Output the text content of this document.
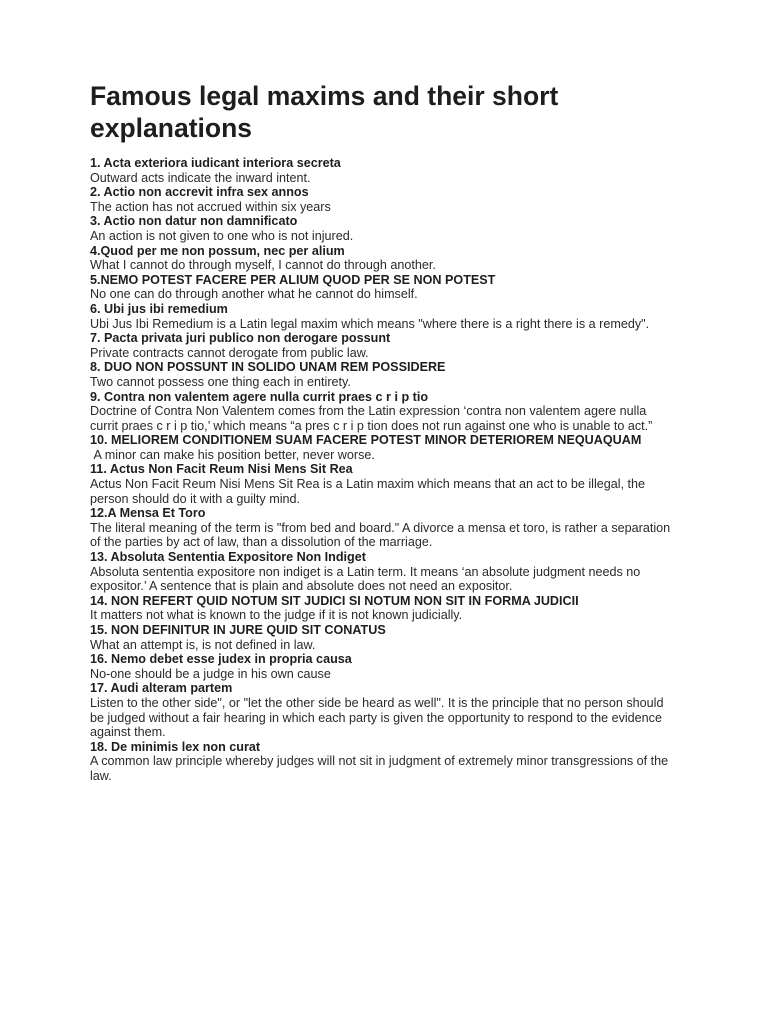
Famous legal maxims and their short explanations
1. Acta exteriora iudicant interiora secreta
Outward acts indicate the inward intent.
2. Actio non accrevit infra sex annos
The action has not accrued within six years
3. Actio non datur non damnificato
An action is not given to one who is not injured.
4.Quod per me non possum, nec per alium
What I cannot do through myself, I cannot do through another.
5.NEMO POTEST FACERE PER ALIUM QUOD PER SE NON POTEST
No one can do through another what he cannot do himself.
6. Ubi jus ibi remedium
Ubi Jus Ibi Remedium is a Latin legal maxim which means "where there is a right there is a remedy".
7. Pacta privata juri publico non derogare possunt
Private contracts cannot derogate from public law.
8. DUO NON POSSUNT IN SOLIDO UNAM REM POSSIDERE
Two cannot possess one thing each in entirety.
9. Contra non valentem agere nulla currit praes c r i p tio
Doctrine of Contra Non Valentem comes from the Latin expression ‘contra non valentem agere nulla currit praes c r i p tio,’ which means “a pres c r i p tion does not run against one who is unable to act.”
10. MELIOREM CONDITIONEM SUAM FACERE POTEST MINOR DETERIOREM NEQUAQUAM
A minor can make his position better, never worse.
11. Actus Non Facit Reum Nisi Mens Sit Rea
Actus Non Facit Reum Nisi Mens Sit Rea is a Latin maxim which means that an act to be illegal, the person should do it with a guilty mind.
12.A Mensa Et Toro
The literal meaning of the term is "from bed and board." A divorce a mensa et toro, is rather a separation of the parties by act of law, than a dissolution of the marriage.
13. Absoluta Sententia Expositore Non Indiget
Absoluta sententia expositore non indiget is a Latin term. It means ‘an absolute judgment needs no expositor.’ A sentence that is plain and absolute does not need an expositor.
14. NON REFERT QUID NOTUM SIT JUDICI SI NOTUM NON SIT IN FORMA JUDICII
It matters not what is known to the judge if it is not known judicially.
15. NON DEFINITUR IN JURE QUID SIT CONATUS
What an attempt is, is not defined in law.
16. Nemo debet esse judex in propria causa
No-one should be a judge in his own cause
17. Audi alteram partem
Listen to the other side", or "let the other side be heard as well". It is the principle that no person should be judged without a fair hearing in which each party is given the opportunity to respond to the evidence against them.
18. De minimis lex non curat
A common law principle whereby judges will not sit in judgment of extremely minor transgressions of the law.
